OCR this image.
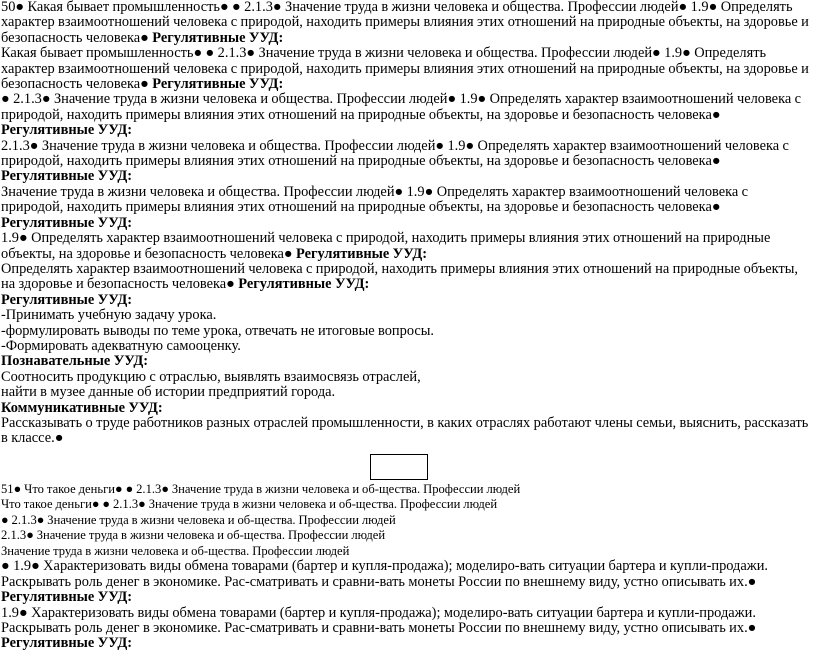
50● Какая бывает промышленность● ● 2.1.3● Значение труда в жизни человека и общества. Профессии людей● 1.9● Определять характер взаимоотношений человека с природой, находить примеры влияния этих отношений на природные объекты, на здоровье и безопасность человека● Регулятивные УУД:

Какая бывает промышленность● ● 2.1.3● Значение труда в жизни человека и общества. Профессии людей● 1.9● Определять характер взаимоотношений человека с природой, находить примеры влияния этих отношений на природные объекты, на здоровье и безопасность человека● Регулятивные УУД:

● 2.1.3● Значение труда в жизни человека и общества. Профессии людей● 1.9● Определять характер взаимоотношений человека с природой, находить примеры влияния этих отношений на природные объекты, на здоровье и безопасность человека● Регулятивные УУД:

2.1.3● Значение труда в жизни человека и общества. Профессии людей● 1.9● Определять характер взаимоотношений человека с природой, находить примеры влияния этих отношений на природные объекты, на здоровье и безопасность человека● Регулятивные УУД:

Значение труда в жизни человека и общества. Профессии людей● 1.9● Определять характер взаимоотношений человека с природой, находить примеры влияния этих отношений на природные объекты, на здоровье и безопасность человека● Регулятивные УУД:

1.9● Определять характер взаимоотношений человека с природой, находить примеры влияния этих отношений на природные объекты, на здоровье и безопасность человека● Регулятивные УУД:

Определять характер взаимоотношений человека с природой, находить примеры влияния этих отношений на природные объекты, на здоровье и безопасность человека● Регулятивные УУД:

Регулятивные УУД:

-Принимать учебную задачу урока.

-формулировать выводы по теме урока, отвечать не итоговые вопросы.

-Формировать адекватную самооценку.

Познавательные УУД:

Соотносить продукцию с отраслью, выявлять взаимосвязь отраслей,

найти в музее данные об истории предприятий города.

Коммуникативные УУД:

Рассказывать о труде работников разных отраслей промышленности, в каких отраслях работают члены семьи, выяснить, рассказать в классе.●

51● Что такое деньги● ● 2.1.3● Значение труда в жизни человека и об-щества. Профессии людей

Что такое деньги● ● 2.1.3● Значение труда в жизни человека и об-щества. Профессии людей

● 2.1.3● Значение труда в жизни человека и об-щества. Профессии людей

2.1.3● Значение труда в жизни человека и об-щества. Профессии людей

Значение труда в жизни человека и об-щества. Профессии людей

● 1.9● Характеризовать виды обмена товарами (бартер и купля-продажа); моделиро-вать ситуации бартера и купли-продажи. Раскрывать роль денег в экономике. Рас-сматривать и сравни-вать монеты России по внешнему виду, устно описывать их.● Регулятивные УУД:

1.9● Характеризовать виды обмена товарами (бартер и купля-продажа); моделиро-вать ситуации бартера и купли-продажи. Раскрывать роль денег в экономике. Рас-сматривать и сравни-вать монеты России по внешнему виду, устно описывать их.● Регулятивные УУД:
